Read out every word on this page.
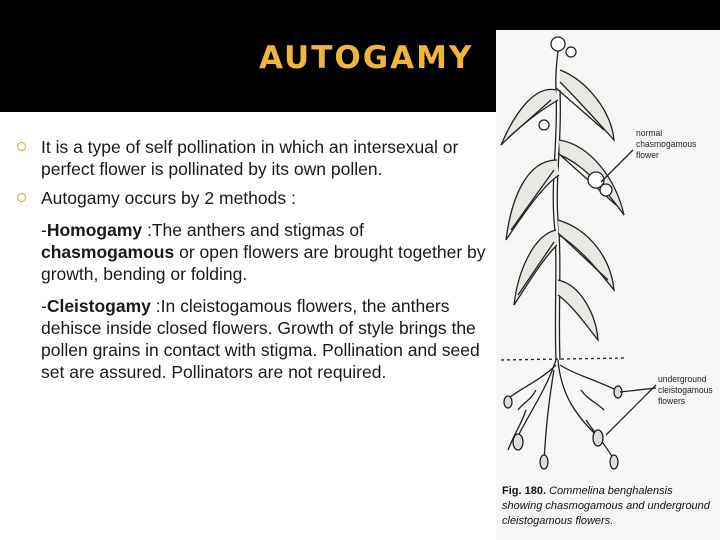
normal chasmogamous flower
underground cleistogamous flowers
AUTOGAMY
It is a type of self pollination in which an intersexual or perfect flower is pollinated by its own pollen.
Autogamy occurs by 2 methods :
-Homogamy :The anthers and stigmas of chasmogamous or open flowers are brought together by growth, bending or folding.
-Cleistogamy :In cleistogamous flowers, the anthers dehisce inside closed flowers. Growth of style brings the pollen grains in contact with stigma. Pollination and seed set are assured. Pollinators are not required.
Fig. 180. Commelina benghalensis showing chasmogamous and underground cleistogamous flowers.
